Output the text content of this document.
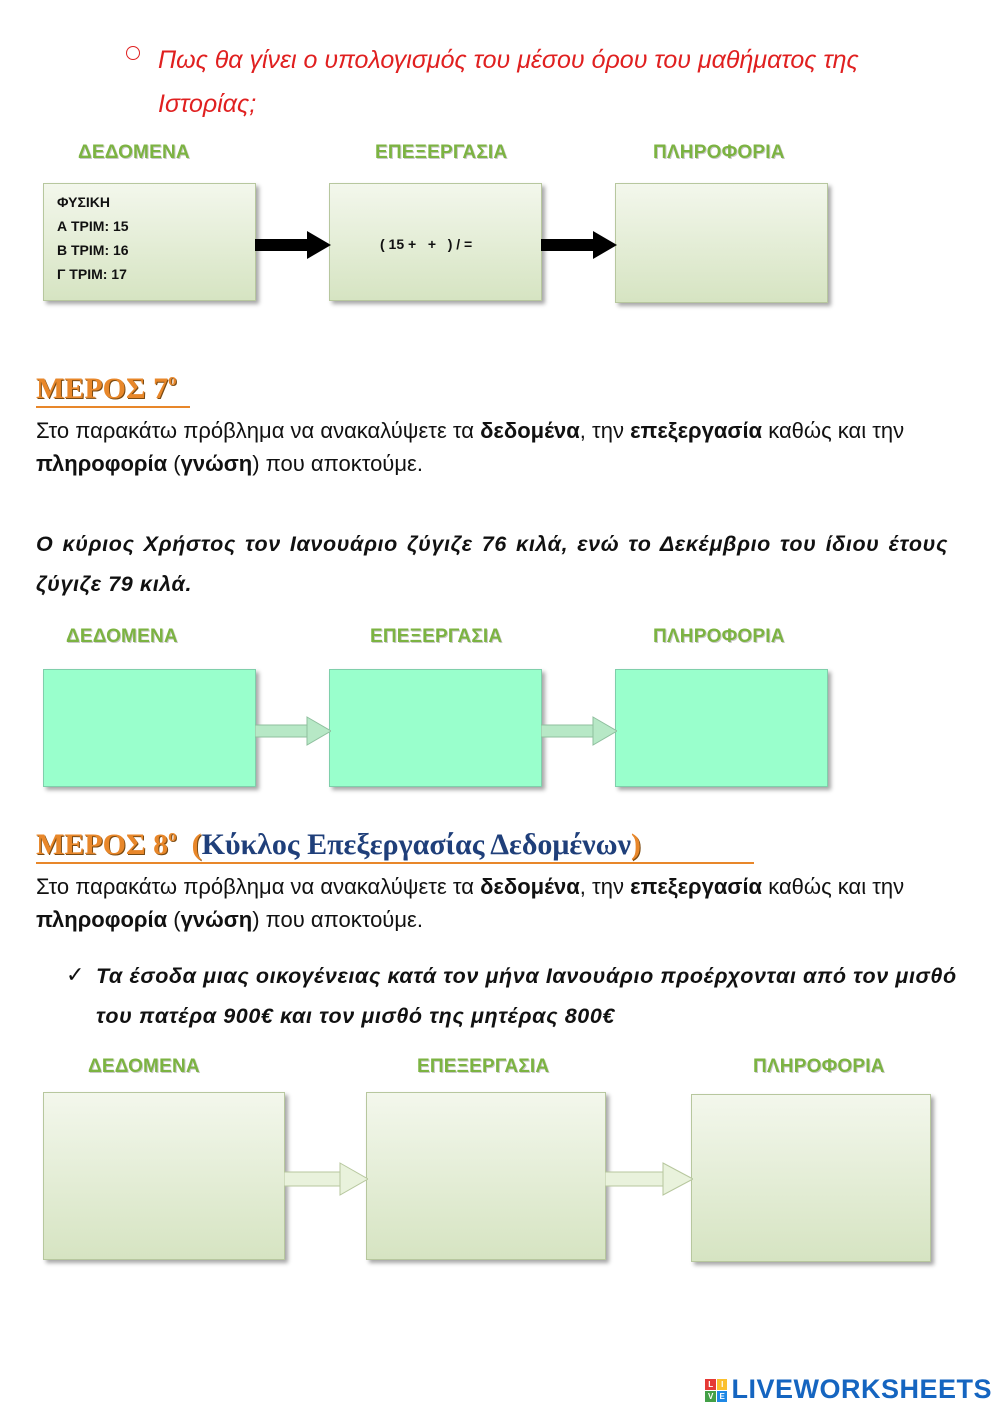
Πως θα γίνει ο υπολογισμός του μέσου όρου του μαθήματος της Ιστορίας;
ΔΕΔΟΜΕΝΑ	ΕΠΕΞΕΡΓΑΣΙΑ	ΠΛΗΡΟΦΟΡΙΑ
ΦΥΣΙΚΗ
Α ΤΡΙΜ: 15
Β ΤΡΙΜ: 16
Γ ΤΡΙΜ: 17
( 15 +   +   ) / =
ΜΕΡΟΣ $7^o$
Στο παρακάτω πρόβλημα να ανακαλύψετε τα δεδομένα, την επεξεργασία καθώς και την πληροφορία (γνώση) που αποκτούμε.
Ο κύριος Χρήστος τον Ιανουάριο ζύγιζε 76 κιλά, ενώ το Δεκέμβριο του ίδιου έτους ζύγιζε 79 κιλά.
ΔΕΔΟΜΕΝΑ	ΕΠΕΞΕΡΓΑΣΙΑ	ΠΛΗΡΟΦΟΡΙΑ
ΜΕΡΟΣ $8^o$ (Κύκλος Επεξεργασίας Δεδομένων)
Στο παρακάτω πρόβλημα να ανακαλύψετε τα δεδομένα, την επεξεργασία καθώς και την πληροφορία (γνώση) που αποκτούμε.
✓ Τα έσοδα μιας οικογένειας κατά τον μήνα Ιανουάριο προέρχονται από τον μισθό του πατέρα 900€ και τον μισθό της μητέρας 800€
ΔΕΔΟΜΕΝΑ	ΕΠΕΞΕΡΓΑΣΙΑ	ΠΛΗΡΟΦΟΡΙΑ
L I
V E LIVEWORKSHEETS
